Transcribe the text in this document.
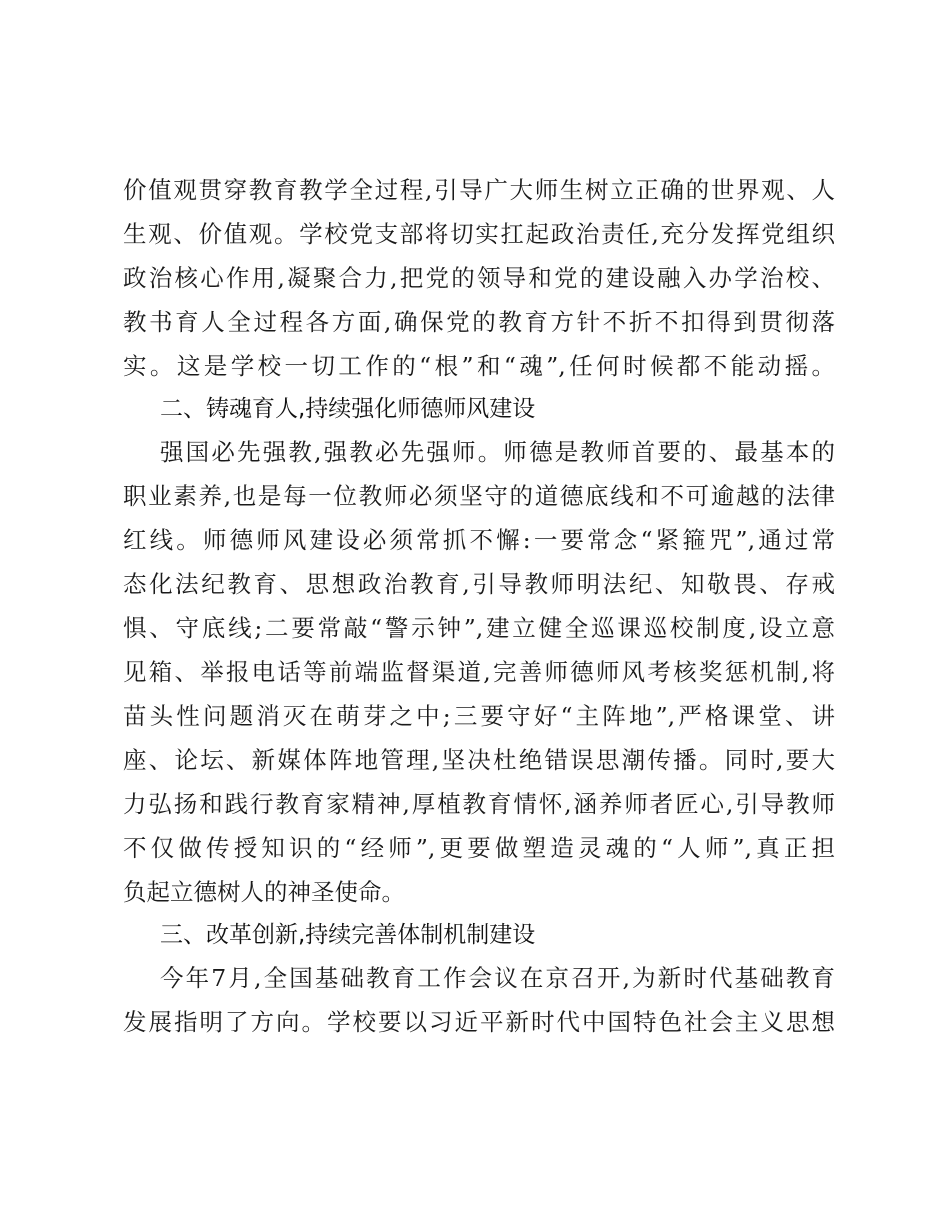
价值观贯穿教育教学全过程,引导广大师生树立正确的世界观、人
生观、价值观。学校党支部将切实扛起政治责任,充分发挥党组织
政治核心作用,凝聚合力,把党的领导和党的建设融入办学治校、
教书育人全过程各方面,确保党的教育方针不折不扣得到贯彻落
实。这是学校一切工作的“根”和“魂”,任何时候都不能动摇。
二、铸魂育人,持续强化师德师风建设
强国必先强教,强教必先强师。师德是教师首要的、最基本的
职业素养,也是每一位教师必须坚守的道德底线和不可逾越的法律
红线。师德师风建设必须常抓不懈:一要常念“紧箍咒”,通过常
态化法纪教育、思想政治教育,引导教师明法纪、知敬畏、存戒
惧、守底线;二要常敲“警示钟”,建立健全巡课巡校制度,设立意
见箱、举报电话等前端监督渠道,完善师德师风考核奖惩机制,将
苗头性问题消灭在萌芽之中;三要守好“主阵地”,严格课堂、讲
座、论坛、新媒体阵地管理,坚决杜绝错误思潮传播。同时,要大
力弘扬和践行教育家精神,厚植教育情怀,涵养师者匠心,引导教师
不仅做传授知识的“经师”,更要做塑造灵魂的“人师”,真正担
负起立德树人的神圣使命。
三、改革创新,持续完善体制机制建设
今年7月,全国基础教育工作会议在京召开,为新时代基础教育
发展指明了方向。学校要以习近平新时代中国特色社会主义思想
